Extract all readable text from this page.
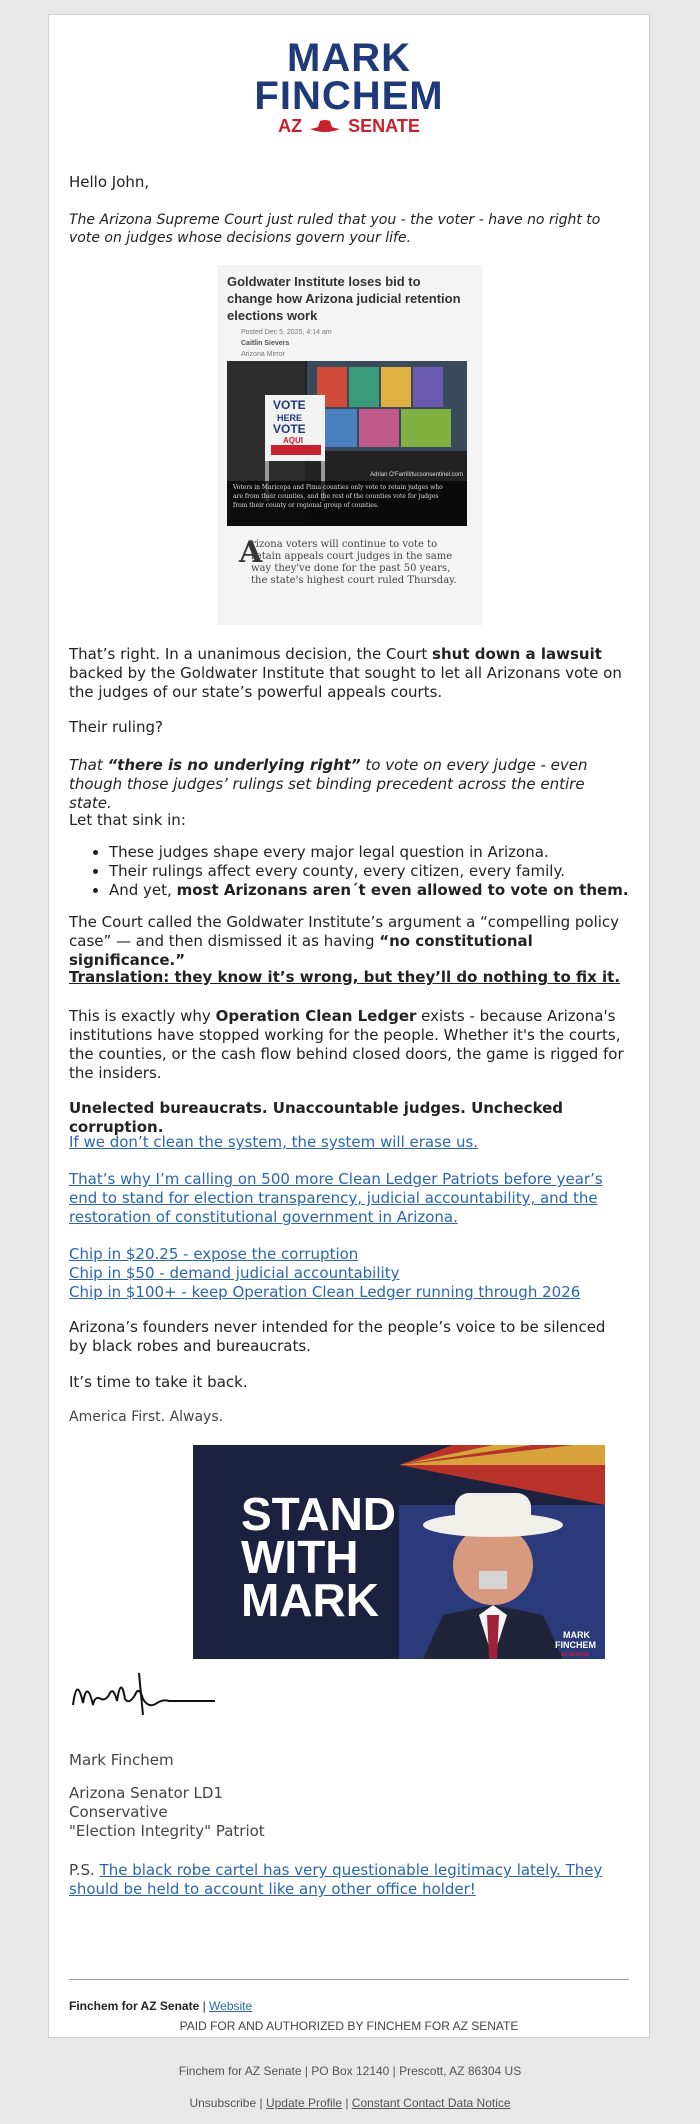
MARK
FINCHEM
AZ	SENATE

Hello John,

The Arizona Supreme Court just ruled that you - the voter - have no right to vote on judges whose decisions govern your life.

Goldwater Institute loses bid to change how Arizona judicial retention elections work
Posted Dec 5, 2025, 4:14 am
Caitlin Sievers
Arizona Mirror
VOTE
HERE
VOTE
AQUI
Adrian O'Farrill/tucsonsentinel.com
Voters in Maricopa and Pima counties only vote to retain judges who are from their counties, and the rest of the counties vote for judges from their county or regional group of counties.
A
rizona voters will continue to vote to retain appeals court judges in the same way they've done for the past 50 years, the state's highest court ruled Thursday.

That’s right. In a unanimous decision, the Court shut down a lawsuit backed by the Goldwater Institute that sought to let all Arizonans vote on the judges of our state’s powerful appeals courts.

Their ruling?

That “there is no underlying right” to vote on every judge - even though those judges’ rulings set binding precedent across the entire state.

Let that sink in:

• These judges shape every major legal question in Arizona.
• Their rulings affect every county, every citizen, every family.
• And yet, most Arizonans aren´t even allowed to vote on them.

The Court called the Goldwater Institute’s argument a “compelling policy case” — and then dismissed it as having “no constitutional significance.”

Translation: they know it’s wrong, but they’ll do nothing to fix it.

This is exactly why Operation Clean Ledger exists - because Arizona's institutions have stopped working for the people. Whether it's the courts, the counties, or the cash flow behind closed doors, the game is rigged for the insiders.

Unelected bureaucrats. Unaccountable judges. Unchecked corruption.

If we don’t clean the system, the system will erase us.

That’s why I’m calling on 500 more Clean Ledger Patriots before year’s end to stand for election transparency, judicial accountability, and the restoration of constitutional government in Arizona.

Chip in $20.25 - expose the corruption
Chip in $50 - demand judicial accountability
Chip in $100+ - keep Operation Clean Ledger running through 2026

Arizona’s founders never intended for the people’s voice to be silenced by black robes and bureaucrats.

It’s time to take it back.

America First. Always.

MARK
FINCHEM
AZ SENATE
STAND
WITH
MARK
Mark Finchem
Arizona Senator LD1
Conservative
"Election Integrity" Patriot

P.S. The black robe cartel has very questionable legitimacy lately. They should be held to account like any other office holder!

Finchem for AZ Senate | Website
PAID FOR AND AUTHORIZED BY FINCHEM FOR AZ SENATE
Finchem for AZ Senate | PO Box 12140 | Prescott, AZ 86304 US
Unsubscribe | Update Profile | Constant Contact Data Notice
